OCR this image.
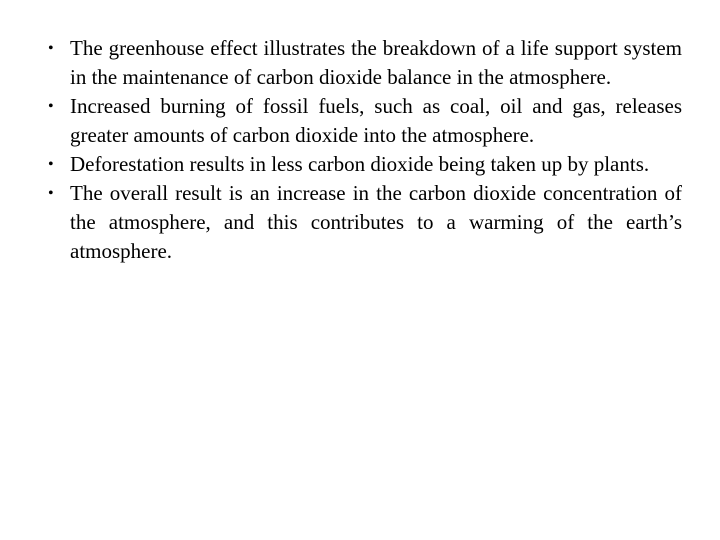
• The greenhouse effect illustrates the breakdown of a life support system in the maintenance of carbon dioxide balance in the atmosphere.
• Increased burning of fossil fuels, such as coal, oil and gas, releases greater amounts of carbon dioxide into the atmosphere.
• Deforestation results in less carbon dioxide being taken up by plants.
• The overall result is an increase in the carbon dioxide concentration of the atmosphere, and this contributes to a warming of the earth’s atmosphere.
